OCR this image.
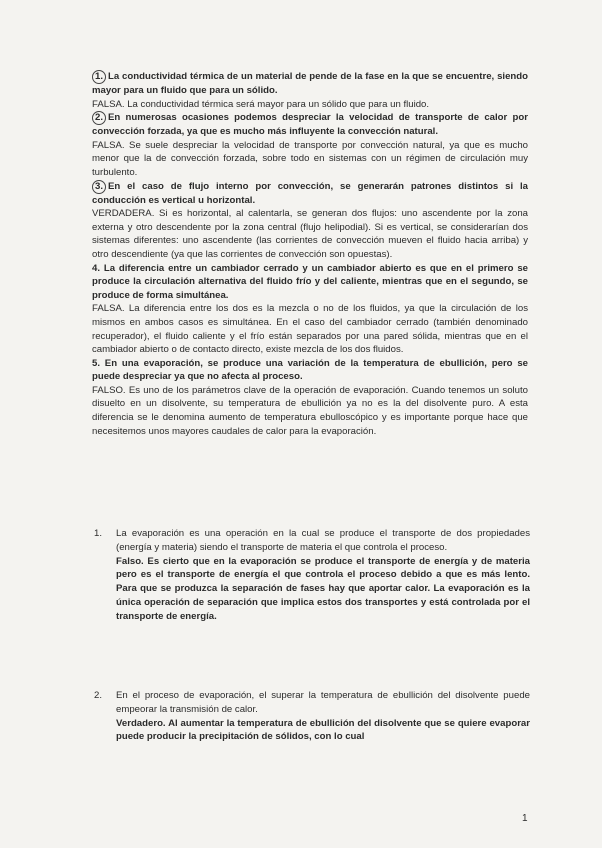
1. La conductividad térmica de un material de pende de la fase en la que se encuentre, siendo mayor para un fluido que para un sólido.

FALSA. La conductividad térmica será mayor para un sólido que para un fluido.

2. En numerosas ocasiones podemos despreciar la velocidad de transporte de calor por convección forzada, ya que es mucho más influyente la convección natural.

FALSA. Se suele despreciar la velocidad de transporte por convección natural, ya que es mucho menor que la de convección forzada, sobre todo en sistemas con un régimen de circulación muy turbulento.

3. En el caso de flujo interno por convección, se generarán patrones distintos si la conducción es vertical u horizontal.

VERDADERA. Si es horizontal, al calentarla, se generan dos flujos: uno ascendente por la zona externa y otro descendente por la zona central (flujo helipodial). Si es vertical, se considerarían dos sistemas diferentes: uno ascendente (las corrientes de convección mueven el fluido hacia arriba) y otro descendiente (ya que las corrientes de convección son opuestas).

4. La diferencia entre un cambiador cerrado y un cambiador abierto es que en el primero se produce la circulación alternativa del fluido frío y del caliente, mientras que en el segundo, se produce de forma simultánea.

FALSA. La diferencia entre los dos es la mezcla o no de los fluidos, ya que la circulación de los mismos en ambos casos es simultánea. En el caso del cambiador cerrado (también denominado recuperador), el fluido caliente y el frío están separados por una pared sólida, mientras que en el cambiador abierto o de contacto directo, existe mezcla de los dos fluidos.

5. En una evaporación, se produce una variación de la temperatura de ebullición, pero se puede despreciar ya que no afecta al proceso.

FALSO. Es uno de los parámetros clave de la operación de evaporación. Cuando tenemos un soluto disuelto en un disolvente, su temperatura de ebullición ya no es la del disolvente puro. A esta diferencia se le denomina aumento de temperatura ebulloscópico y es importante porque hace que necesitemos unos mayores caudales de calor para la evaporación.

1. La evaporación es una operación en la cual se produce el transporte de dos propiedades (energía y materia) siendo el transporte de materia el que controla el proceso.

Falso. Es cierto que en la evaporación se produce el transporte de energía y de materia pero es el transporte de energía el que controla el proceso debido a que es más lento. Para que se produzca la separación de fases hay que aportar calor. La evaporación es la única operación de separación que implica estos dos transportes y está controlada por el transporte de energía.

2. En el proceso de evaporación, el superar la temperatura de ebullición del disolvente puede empeorar la transmisión de calor.

Verdadero. Al aumentar la temperatura de ebullición del disolvente que se quiere evaporar puede producir la precipitación de sólidos, con lo cual

1
